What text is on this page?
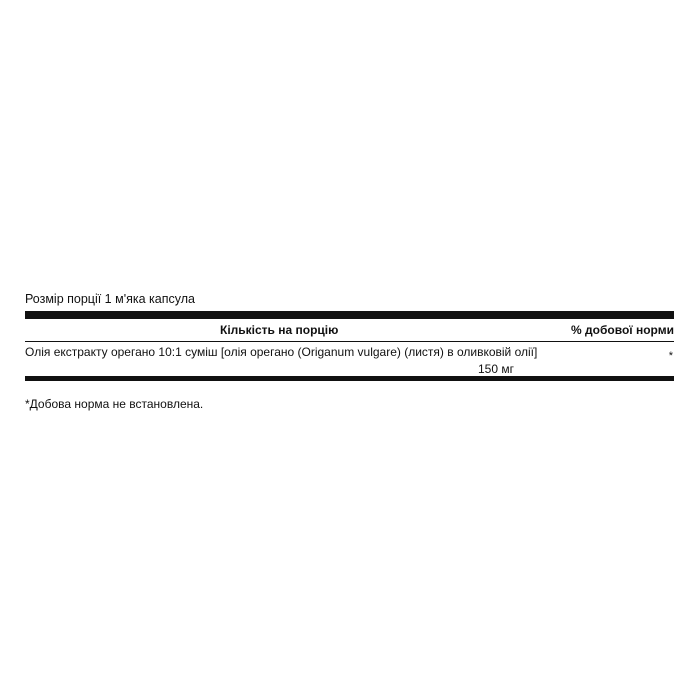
Розмір порції 1 м'яка капсула
Кількість на порцію	% добової норми
Олія екстракту орегано 10:1 суміш [олія орегано (Origanum vulgare) (листя) в оливковій олії]
150 мг
*
*Добова норма не встановлена.
